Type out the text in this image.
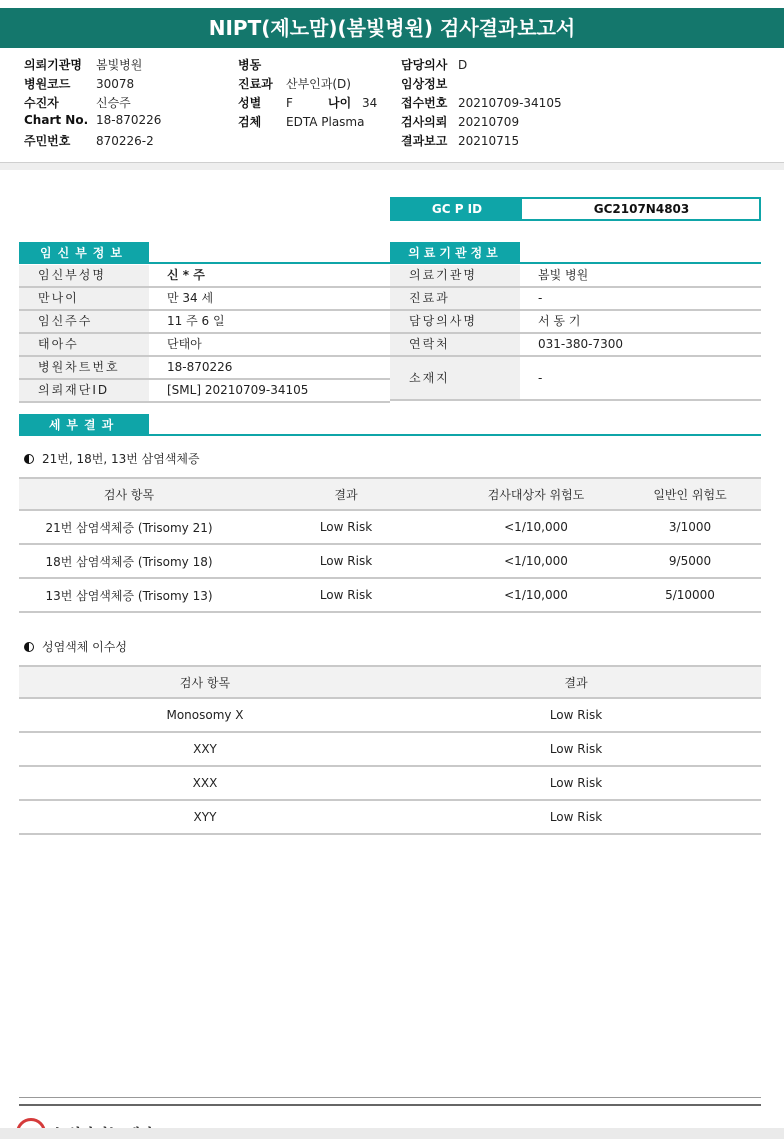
NIPT(제노맘)(봄빛병원) 검사결과보고서
의뢰기관명 봄빛병원
병원코드 30078
수진자	신승주
Chart No. 18-870226
주민번호 870226-2
병동
진료과 산부인과(D)
성별 F	나이 34
검체 EDTA Plasma
담당의사 D
임상정보
접수번호 20210709-34105
검사의뢰 20210709
결과보고 20210715
GC P ID	GC2107N4803
임신부정보
임신부성명	신 * 주
만나이	만 34 세
임신주수	11 주 6 일
태아수	단태아
병원차트번호	18-870226
의뢰재단ID	[SML] 20210709-34105
의료기관정보
의료기관명	봄빛 병원
진료과	-
담당의사명	서 동 기
연락처	031-380-7300
소재지	-
세부결과
21번, 18번, 13번 삼염색체증
검사 항목	결과	검사대상자 위험도	일반인 위험도
21번 삼염색체증 (Trisomy 21)	Low Risk	<1/10,000	3/1000
18번 삼염색체증 (Trisomy 18)	Low Risk	<1/10,000	9/5000
13번 삼염색체증 (Trisomy 13)	Low Risk	<1/10,000	5/10000
성염색체 이수성
검사 항목	결과
Monosomy X	Low Risk
XXY	Low Risk
XXX	Low Risk
XYY	Low Risk
